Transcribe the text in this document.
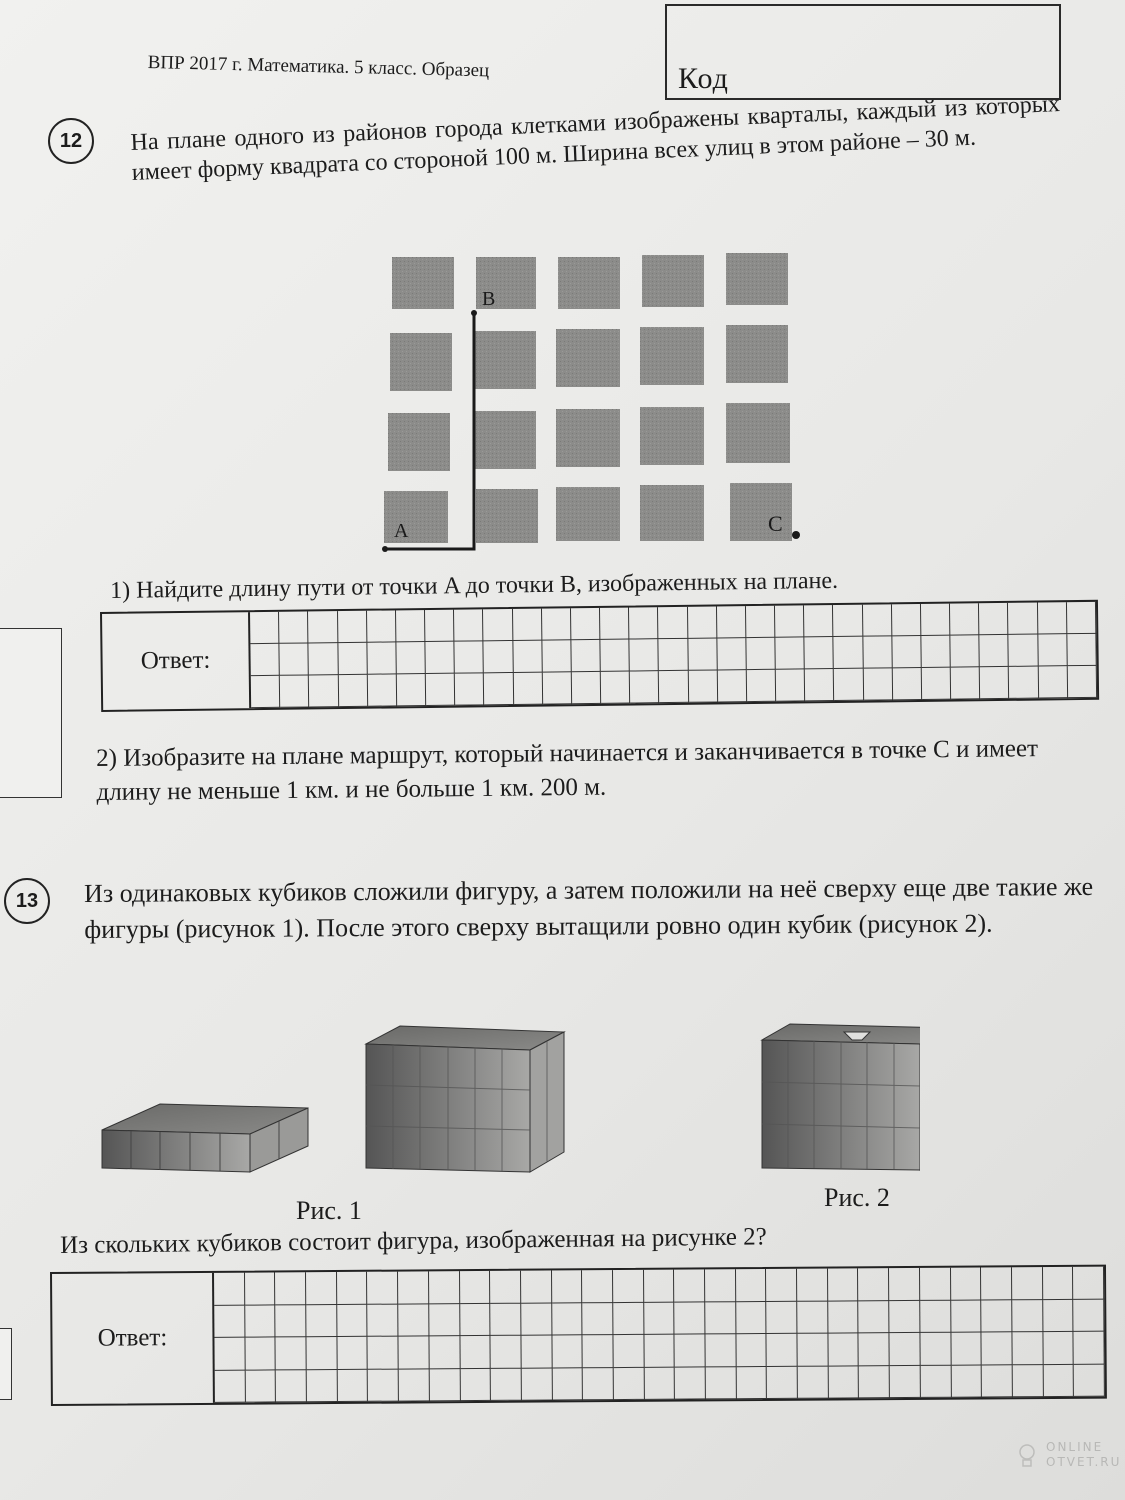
Код
ВПР 2017 г. Математика. 5 класс. Образец
12	На плане одного из районов города клетками изображены кварталы, каждый из которых имеет форму квадрата со стороной 100 м. Ширина всех улиц в этом районе – 30 м.
A
B
C
1) Найдите длину пути от точки A до точки B, изображенных на плане.
Ответ:
2) Изобразите на плане маршрут, который начинается и заканчивается в точке C и имеет длину не меньше 1 км. и не больше 1 км. 200 м.
13	Из одинаковых кубиков сложили фигуру, а затем положили на неё сверху еще две такие же фигуры (рисунок 1). После этого сверху вытащили ровно один кубик (рисунок 2).
Рис. 1	Рис. 2
Из скольких кубиков состоит фигура, изображенная на рисунке 2?
Ответ:
ONLINE
OTVET.RU
